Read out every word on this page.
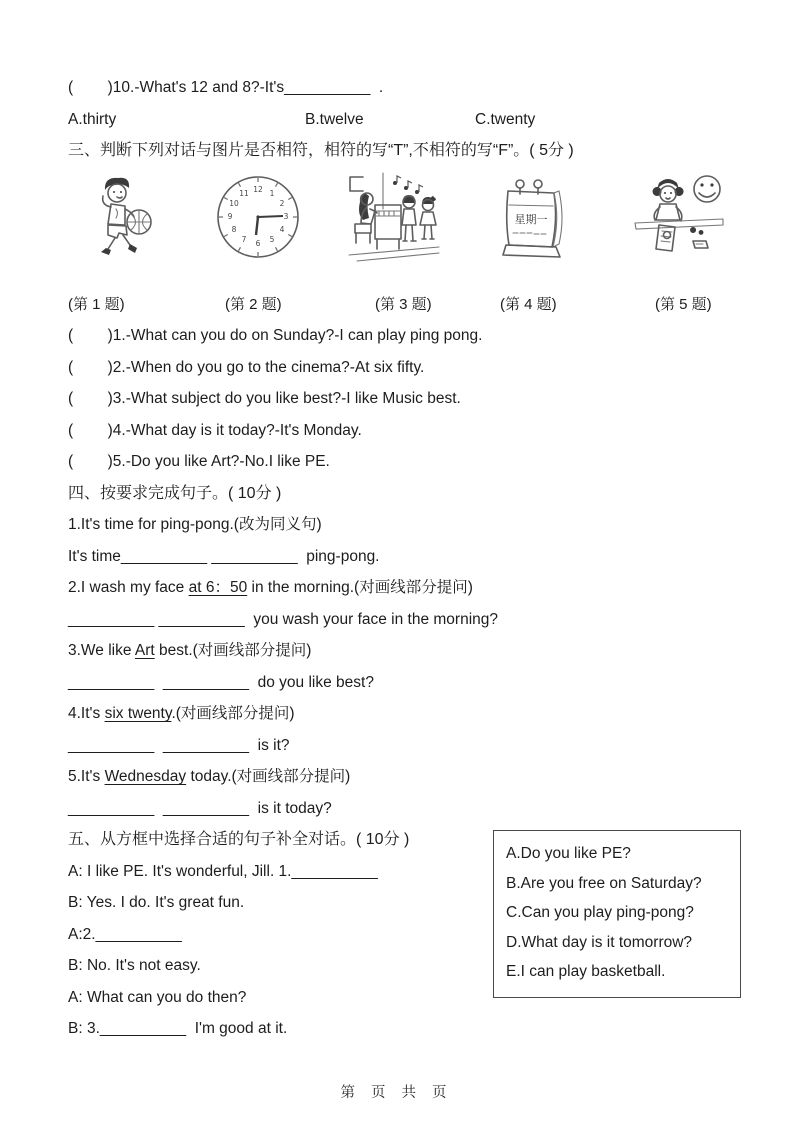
(        )10.-What's 12 and 8?-It's__________  .
A.thirty	B.twelve	C.twenty
三、判断下列对话与图片是否相符，相符的写“T”,不相符的写“F”。( 5分 )
12 1
2
3
4
5
6
7
8
9
10
11
星期一
(第 1 题)	(第 2 题)	(第 3 题)	(第 4 题)	(第 5 题)
(        )1.-What can you do on Sunday?-I can play ping pong.
(        )2.-When do you go to the cinema?-At six fifty.
(        )3.-What subject do you like best?-I like Music best.
(        )4.-What day is it today?-It's Monday.
(        )5.-Do you like Art?-No.I like PE.
四、按要求完成句子。( 10分 )
1.It's time for ping-pong.(改为同义句)
It's time__________ __________  ping-pong.
2.I wash my face at 6：50 in the morning.(对画线部分提问)
__________ __________  you wash your face in the morning?
3.We like Art best.(对画线部分提问)
__________  __________  do you like best?
4.It's six twenty.(对画线部分提问)
__________  __________  is it?
5.It's Wednesday today.(对画线部分提问)
__________  __________  is it today?
五、从方框中选择合适的句子补全对话。( 10分 )
A: I like PE. It's wonderful, Jill. 1.__________
B: Yes. I do. It's great fun.
A:2.__________
B: No. It's not easy.
A: What can you do then?
B: 3.__________  I'm good at it.
A.Do you like PE?
B.Are you free on Saturday?
C.Can you play ping-pong?
D.What day is it tomorrow?
E.I can play basketball.
第 页 共 页
